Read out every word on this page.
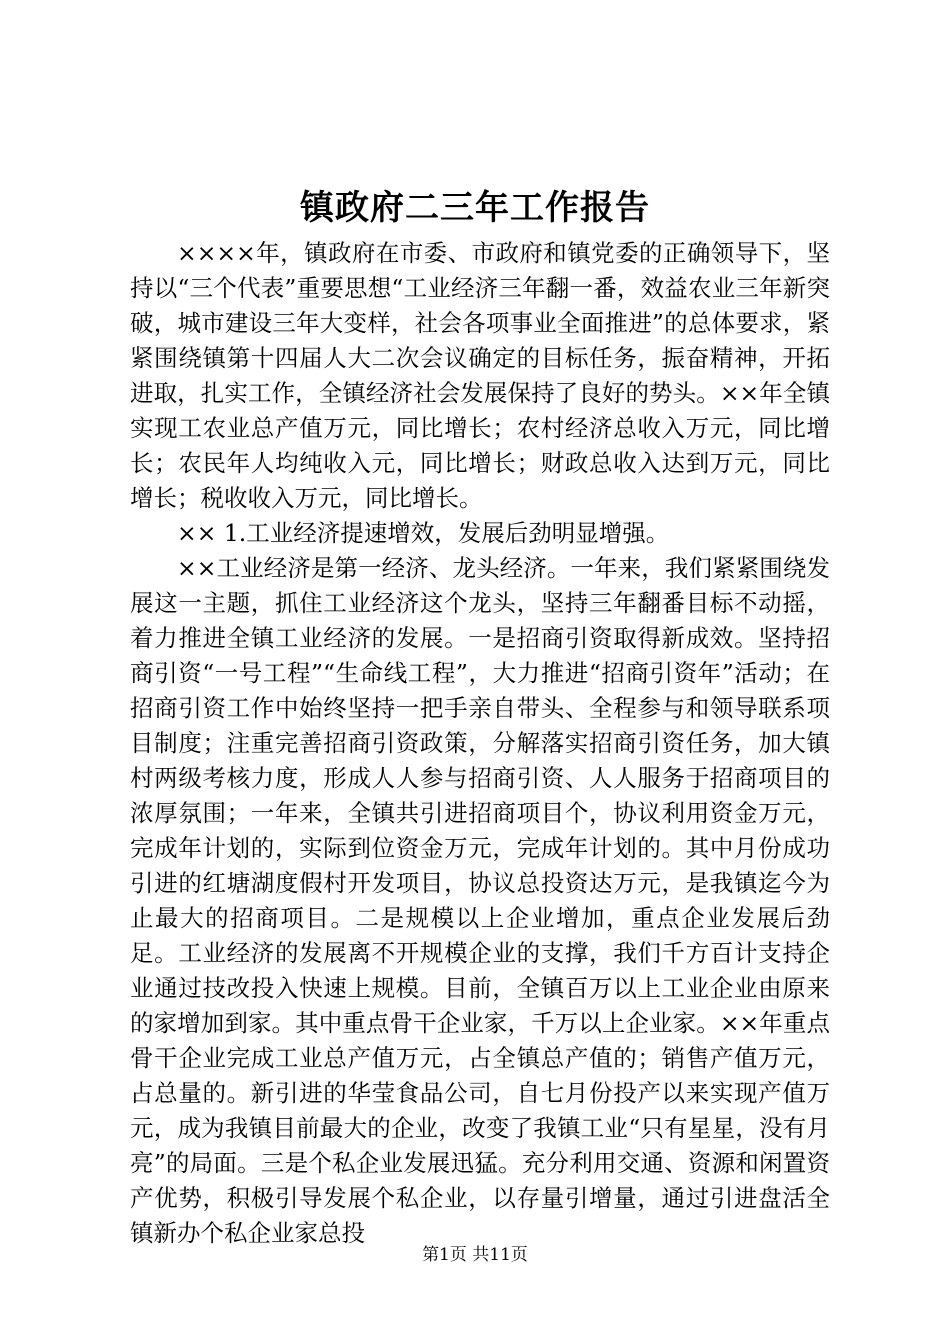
镇政府二三年工作报告

××××年，镇政府在市委、市政府和镇党委的正确领导下，坚持以“三个代表”重要思想“工业经济三年翻一番，效益农业三年新突破，城市建设三年大变样，社会各项事业全面推进”的总体要求，紧紧围绕镇第十四届人大二次会议确定的目标任务，振奋精神，开拓进取，扎实工作，全镇经济社会发展保持了良好的势头。××年全镇实现工农业总产值万元，同比增长；农村经济总收入万元，同比增长；农民年人均纯收入元，同比增长；财政总收入达到万元，同比增长；税收收入万元，同比增长。

×× 1.工业经济提速增效，发展后劲明显增强。

××工业经济是第一经济、龙头经济。一年来，我们紧紧围绕发展这一主题，抓住工业经济这个龙头，坚持三年翻番目标不动摇，着力推进全镇工业经济的发展。一是招商引资取得新成效。坚持招商引资“一号工程”“生命线工程”，大力推进“招商引资年”活动；在招商引资工作中始终坚持一把手亲自带头、全程参与和领导联系项目制度；注重完善招商引资政策，分解落实招商引资任务，加大镇村两级考核力度，形成人人参与招商引资、人人服务于招商项目的浓厚氛围；一年来，全镇共引进招商项目个，协议利用资金万元，完成年计划的，实际到位资金万元，完成年计划的。其中月份成功引进的红塘湖度假村开发项目，协议总投资达万元，是我镇迄今为止最大的招商项目。二是规模以上企业增加，重点企业发展后劲足。工业经济的发展离不开规模企业的支撑，我们千方百计支持企业通过技改投入快速上规模。目前，全镇百万以上工业企业由原来的家增加到家。其中重点骨干企业家，千万以上企业家。××年重点骨干企业完成工业总产值万元，占全镇总产值的；销售产值万元，占总量的。新引进的华莹食品公司，自七月份投产以来实现产值万元，成为我镇目前最大的企业，改变了我镇工业“只有星星，没有月亮”的局面。三是个私企业发展迅猛。充分利用交通、资源和闲置资产优势，积极引导发展个私企业，以存量引增量，通过引进盘活全镇新办个私企业家总投

第1页 共11页
